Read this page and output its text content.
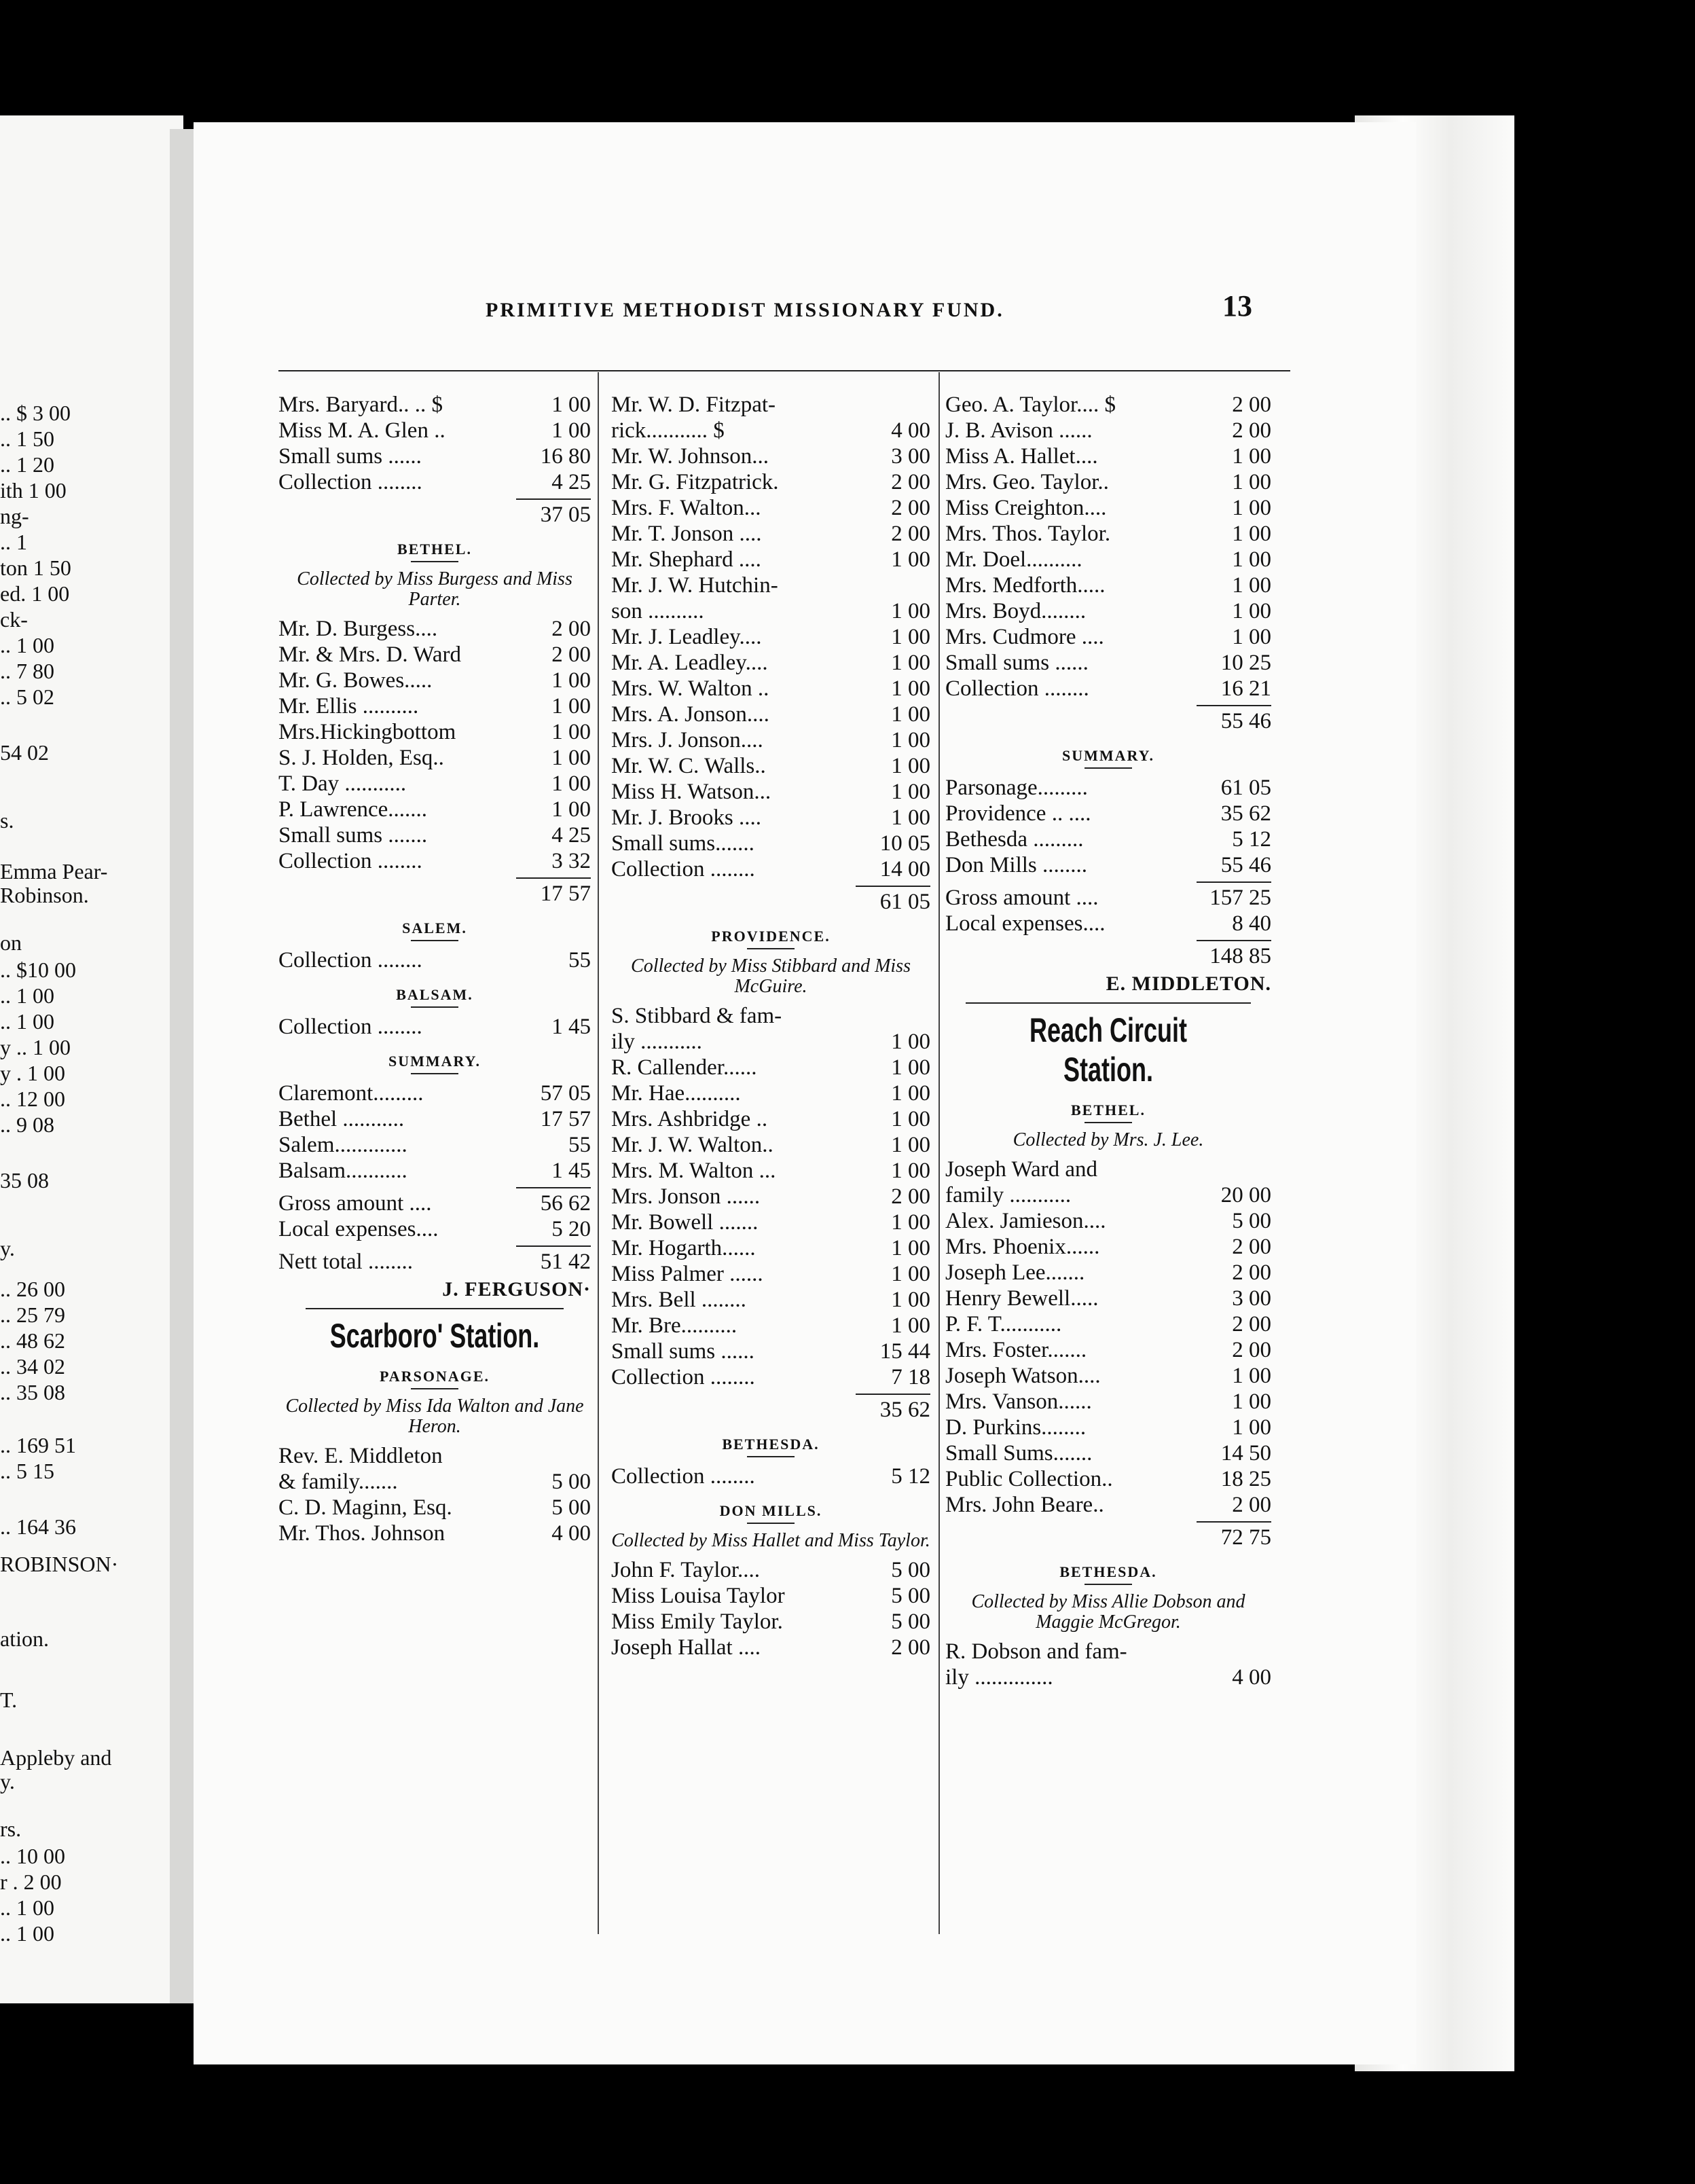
PRIMITIVE METHODIST MISSIONARY FUND.	13
.. $ 3 00
.. 1 50
.. 1 20
ith 1 00
ng-
.. 1
ton 1 50
ed. 1 00
ck-
.. 1 00
.. 7 80
.. 5 02
54 02
s.
Emma Pear-
Robinson.
on
.. $10 00
.. 1 00
.. 1 00
y .. 1 00
y . 1 00
.. 12 00
.. 9 08
35 08
y.
.. 26 00
.. 25 79
.. 48 62
.. 34 02
.. 35 08
.. 169 51
.. 5 15
.. 164 36
ROBINSON·
ation.
T.
Appleby and
y.
rs.
.. 10 00
r . 2 00
.. 1 00
.. 1 00
Mrs. Baryard.. .. $	1 00
Miss M. A. Glen ..	1 00
Small sums ......	16 80
Collection ........	4 25
37 05
BETHEL.
Collected by Miss Burgess and Miss Parter.
Mr. D. Burgess....	2 00
Mr. & Mrs. D. Ward	2 00
Mr. G. Bowes.....	1 00
Mr. Ellis ..........	1 00
Mrs.Hickingbottom	1 00
S. J. Holden, Esq..	1 00
T. Day ...........	1 00
P. Lawrence.......	1 00
Small sums .......	4 25
Collection ........	3 32
17 57
SALEM.
Collection ........	55
BALSAM.
Collection ........	1 45
SUMMARY.
Claremont.........	57 05
Bethel ...........	17 57
Salem.............	55
Balsam...........	1 45
Gross amount ....	56 62
Local expenses....	5 20
Nett total ........	51 42
J. FERGUSON·
Scarboro' Station.
PARSONAGE.
Collected by Miss Ida Walton and Jane Heron.
Rev. E. Middleton
& family.......	5 00
C. D. Maginn, Esq.	5 00
Mr. Thos. Johnson	4 00
Mr. W. D. Fitzpat-
rick........... $	4 00
Mr. W. Johnson...	3 00
Mr. G. Fitzpatrick.	2 00
Mrs. F. Walton...	2 00
Mr. T. Jonson ....	2 00
Mr. Shephard ....	1 00
Mr. J. W. Hutchin-
son ..........	1 00
Mr. J. Leadley....	1 00
Mr. A. Leadley....	1 00
Mrs. W. Walton ..	1 00
Mrs. A. Jonson....	1 00
Mrs. J. Jonson....	1 00
Mr. W. C. Walls..	1 00
Miss H. Watson...	1 00
Mr. J. Brooks ....	1 00
Small sums.......	10 05
Collection ........	14 00
61 05
PROVIDENCE.
Collected by Miss Stibbard and Miss McGuire.
S. Stibbard & fam-
ily ...........	1 00
R. Callender......	1 00
Mr. Hae..........	1 00
Mrs. Ashbridge ..	1 00
Mr. J. W. Walton..	1 00
Mrs. M. Walton ...	1 00
Mrs. Jonson ......	2 00
Mr. Bowell .......	1 00
Mr. Hogarth......	1 00
Miss Palmer ......	1 00
Mrs. Bell ........	1 00
Mr. Bre..........	1 00
Small sums ......	15 44
Collection ........	7 18
35 62
BETHESDA.
Collection ........	5 12
DON MILLS.
Collected by Miss Hallet and Miss Taylor.
John F. Taylor....	5 00
Miss Louisa Taylor	5 00
Miss Emily Taylor.	5 00
Joseph Hallat ....	2 00
Geo. A. Taylor.... $	2 00
J. B. Avison ......	2 00
Miss A. Hallet....	1 00
Mrs. Geo. Taylor..	1 00
Miss Creighton....	1 00
Mrs. Thos. Taylor.	1 00
Mr. Doel..........	1 00
Mrs. Medforth.....	1 00
Mrs. Boyd........	1 00
Mrs. Cudmore ....	1 00
Small sums ......	10 25
Collection ........	16 21
55 46
SUMMARY.
Parsonage.........	61 05
Providence .. ....	35 62
Bethesda .........	5 12
Don Mills ........	55 46
Gross amount ....	157 25
Local expenses....	8 40
148 85
E. MIDDLETON.
Reach Circuit Station.
BETHEL.
Collected by Mrs. J. Lee.
Joseph Ward and
family ...........	20 00
Alex. Jamieson....	5 00
Mrs. Phoenix......	2 00
Joseph Lee.......	2 00
Henry Bewell.....	3 00
P. F. T...........	2 00
Mrs. Foster.......	2 00
Joseph Watson....	1 00
Mrs. Vanson......	1 00
D. Purkins........	1 00
Small Sums.......	14 50
Public Collection..	18 25
Mrs. John Beare..	2 00
72 75
BETHESDA.
Collected by Miss Allie Dobson and Maggie McGregor.
R. Dobson and fam-
ily ..............	4 00
